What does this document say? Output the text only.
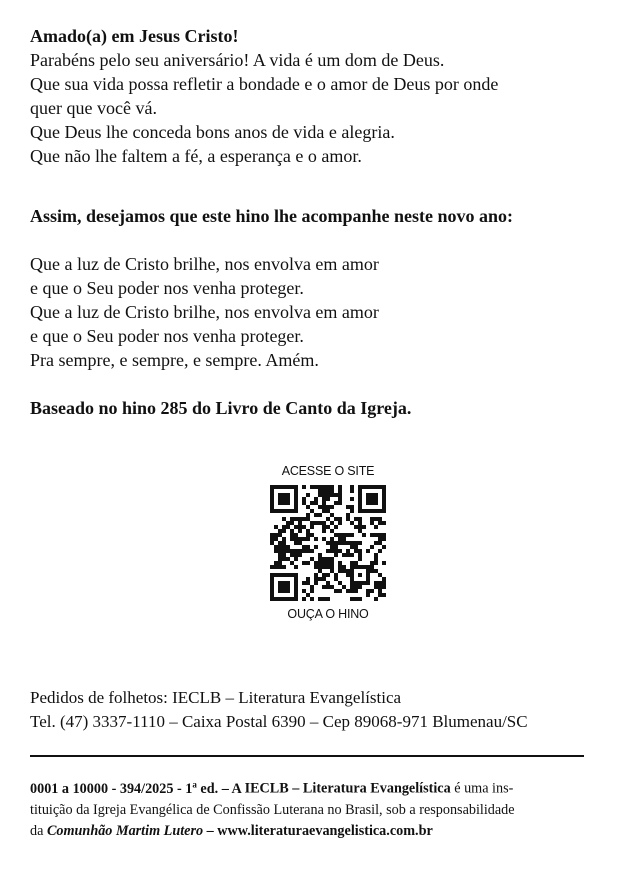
Amado(a) em Jesus Cristo!

Parabéns pelo seu aniversário! A vida é um dom de Deus.

Que sua vida possa refletir a bondade e o amor de Deus por onde

quer que você vá.

Que Deus lhe conceda bons anos de vida e alegria.

Que não lhe faltem a fé, a esperança e o amor.

Assim, desejamos que este hino lhe acompanhe neste novo ano:

Que a luz de Cristo brilhe, nos envolva em amor

e que o Seu poder nos venha proteger.

Que a luz de Cristo brilhe, nos envolva em amor

e que o Seu poder nos venha proteger.

Pra sempre, e sempre, e sempre. Amém.

Baseado no hino 285 do Livro de Canto da Igreja.

ACESSE O SITE
OUÇA O HINO
Pedidos de folhetos: IECLB – Literatura Evangelística
Tel. (47) 3337-1110 – Caixa Postal 6390 – Cep 89068-971 Blumenau/SC
0001 a 10000 - 394/2025 - 1$^a$ ed. – A IECLB – Literatura Evangelística é uma ins-
tituição da Igreja Evangélica de Confissão Luterana no Brasil, sob a responsabilidade
da Comunhão Martim Lutero – www.literaturaevangelistica.com.br
